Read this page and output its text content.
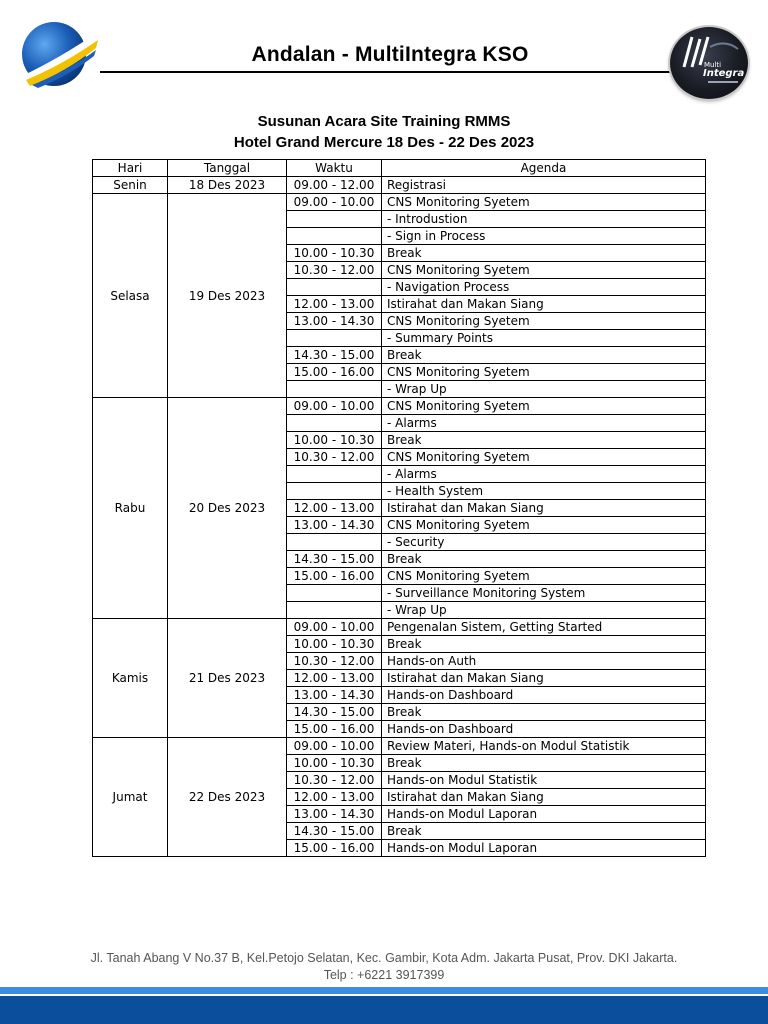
Andalan - MultiIntegra KSO	Multi
Integra
Susunan Acara Site Training RMMS
Hotel Grand Mercure 18 Des - 22 Des 2023
Hari	Tanggal	Waktu	Agenda
Senin	18 Des 2023	09.00 - 12.00	Registrasi
Selasa	19 Des 2023	09.00 - 10.00	CNS Monitoring Syetem
			- Introdustion
			- Sign in Process
		10.00 - 10.30	Break
		10.30 - 12.00	CNS Monitoring Syetem
			- Navigation Process
		12.00 - 13.00	Istirahat dan Makan Siang
		13.00 - 14.30	CNS Monitoring Syetem
			- Summary Points
		14.30 - 15.00	Break
		15.00 - 16.00	CNS Monitoring Syetem
			- Wrap Up
Rabu	20 Des 2023	09.00 - 10.00	CNS Monitoring Syetem
			- Alarms
		10.00 - 10.30	Break
		10.30 - 12.00	CNS Monitoring Syetem
			- Alarms
			- Health System
		12.00 - 13.00	Istirahat dan Makan Siang
		13.00 - 14.30	CNS Monitoring Syetem
			- Security
		14.30 - 15.00	Break
		15.00 - 16.00	CNS Monitoring Syetem
			- Surveillance Monitoring System
			- Wrap Up
Kamis	21 Des 2023	09.00 - 10.00	Pengenalan Sistem, Getting Started
		10.00 - 10.30	Break
		10.30 - 12.00	Hands-on Auth
		12.00 - 13.00	Istirahat dan Makan Siang
		13.00 - 14.30	Hands-on Dashboard
		14.30 - 15.00	Break
		15.00 - 16.00	Hands-on Dashboard
Jumat	22 Des 2023	09.00 - 10.00	Review Materi, Hands-on Modul Statistik
		10.00 - 10.30	Break
		10.30 - 12.00	Hands-on Modul Statistik
		12.00 - 13.00	Istirahat dan Makan Siang
		13.00 - 14.30	Hands-on Modul Laporan
		14.30 - 15.00	Break
		15.00 - 16.00	Hands-on Modul Laporan
Jl. Tanah Abang V No.37 B, Kel.Petojo Selatan, Kec. Gambir, Kota Adm. Jakarta Pusat, Prov. DKI Jakarta.
Telp : +6221 3917399
